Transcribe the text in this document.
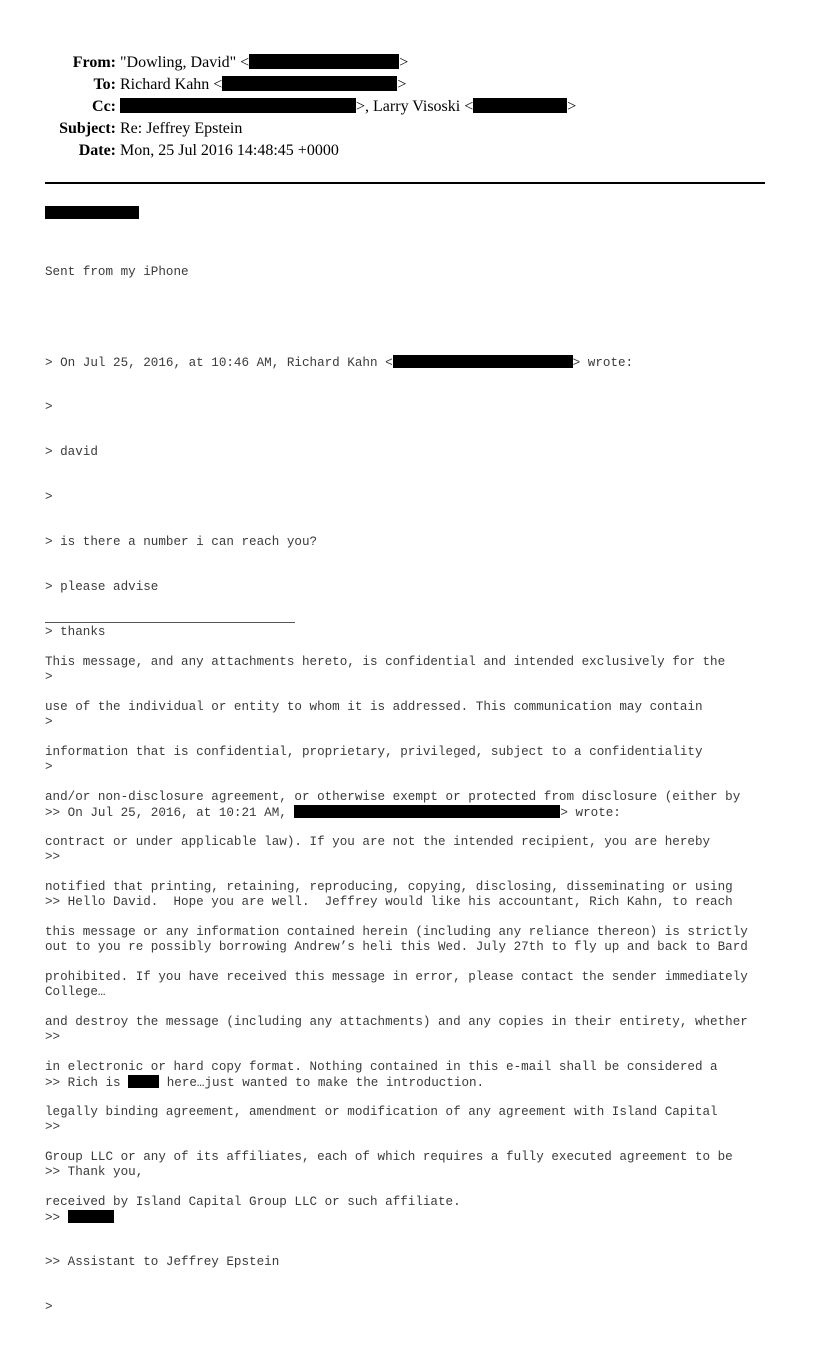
From: "Dowling, David" <	>
To: Richard Kahn <	>
Cc:	>, Larry Visoski <	>
Subject: Re: Jeffrey Epstein
Date: Mon, 25 Jul 2016 14:48:45 +0000

Sent from my iPhone

> On Jul 25, 2016, at 10:46 AM, Richard Kahn <	> wrote:

>

> david

>

> is there a number i can reach you?

> please advise

> thanks

>

>

>

>> On Jul 25, 2016, at 10:21 AM,	> wrote:

>>

>> Hello David.  Hope you are well.  Jeffrey would like his accountant, Rich Kahn, to reach

out to you re possibly borrowing Andrew’s heli this Wed. July 27th to fly up and back to Bard

College…

>>

>> Rich is  here…just wanted to make the introduction.

>>

>> Thank you,

>>

>> Assistant to Jeffrey Epstein

>

This message, and any attachments hereto, is confidential and intended exclusively for the

use of the individual or entity to whom it is addressed. This communication may contain

information that is confidential, proprietary, privileged, subject to a confidentiality

and/or non-disclosure agreement, or otherwise exempt or protected from disclosure (either by

contract or under applicable law). If you are not the intended recipient, you are hereby

notified that printing, retaining, reproducing, copying, disclosing, disseminating or using

this message or any information contained herein (including any reliance thereon) is strictly

prohibited. If you have received this message in error, please contact the sender immediately

and destroy the message (including any attachments) and any copies in their entirety, whether

in electronic or hard copy format. Nothing contained in this e-mail shall be considered a

legally binding agreement, amendment or modification of any agreement with Island Capital

Group LLC or any of its affiliates, each of which requires a fully executed agreement to be

received by Island Capital Group LLC or such affiliate.
